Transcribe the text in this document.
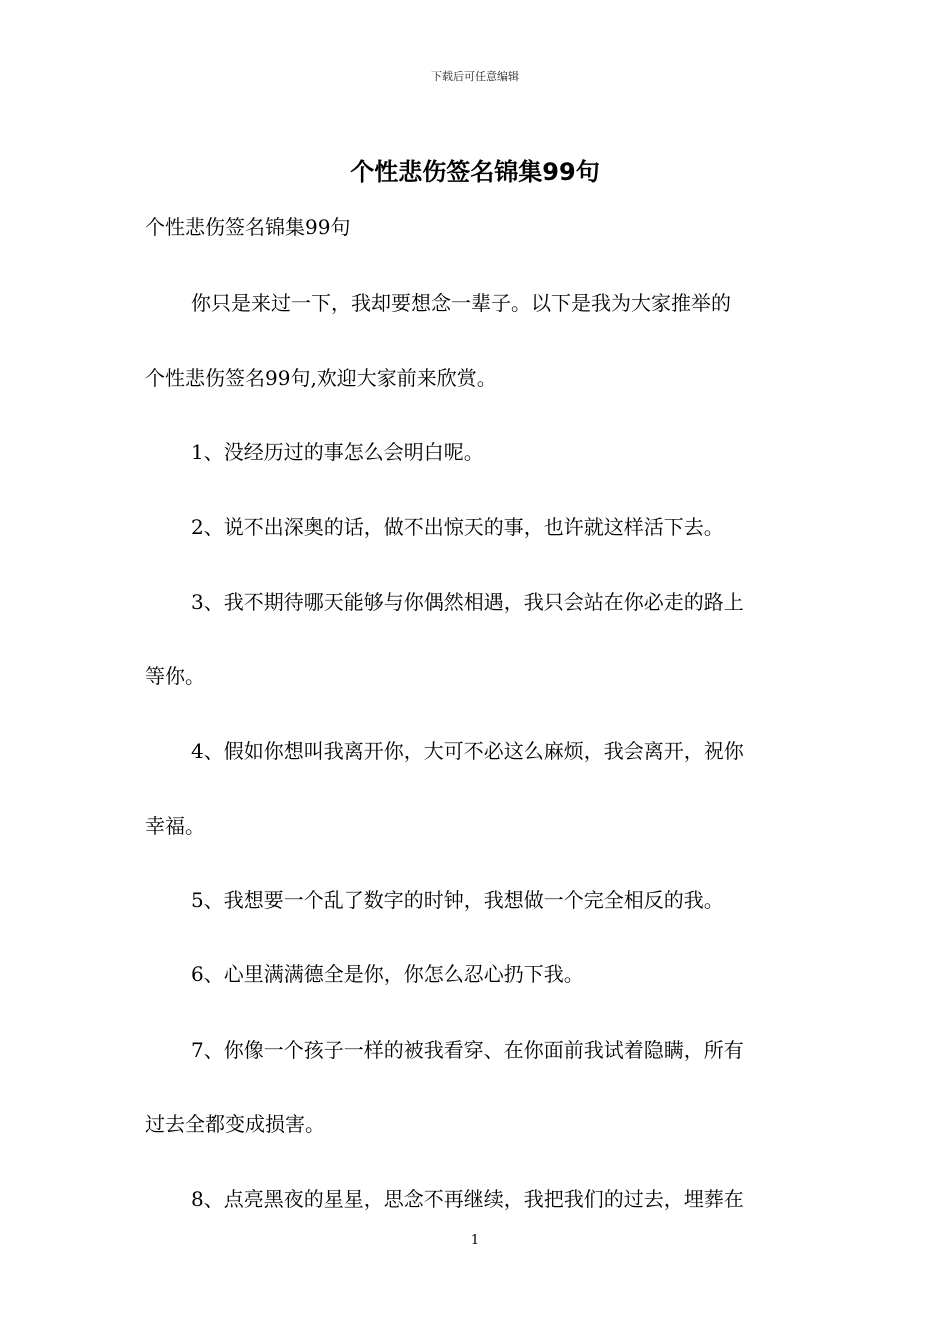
下载后可任意编辑
个性悲伤签名锦集99句
个性悲伤签名锦集99句
你只是来过一下，我却要想念一辈子。以下是我为大家推举的
个性悲伤签名99句,欢迎大家前来欣赏。
1、没经历过的事怎么会明白呢。
2、说不出深奥的话，做不出惊天的事，也许就这样活下去。
3、我不期待哪天能够与你偶然相遇，我只会站在你必走的路上
等你。
4、假如你想叫我离开你，大可不必这么麻烦，我会离开，祝你
幸福。
5、我想要一个乱了数字的时钟，我想做一个完全相反的我。
6、心里满满德全是你，你怎么忍心扔下我。
7、你像一个孩子一样的被我看穿、在你面前我试着隐瞒，所有
过去全都变成损害。
8、点亮黑夜的星星，思念不再继续，我把我们的过去，埋葬在
1
